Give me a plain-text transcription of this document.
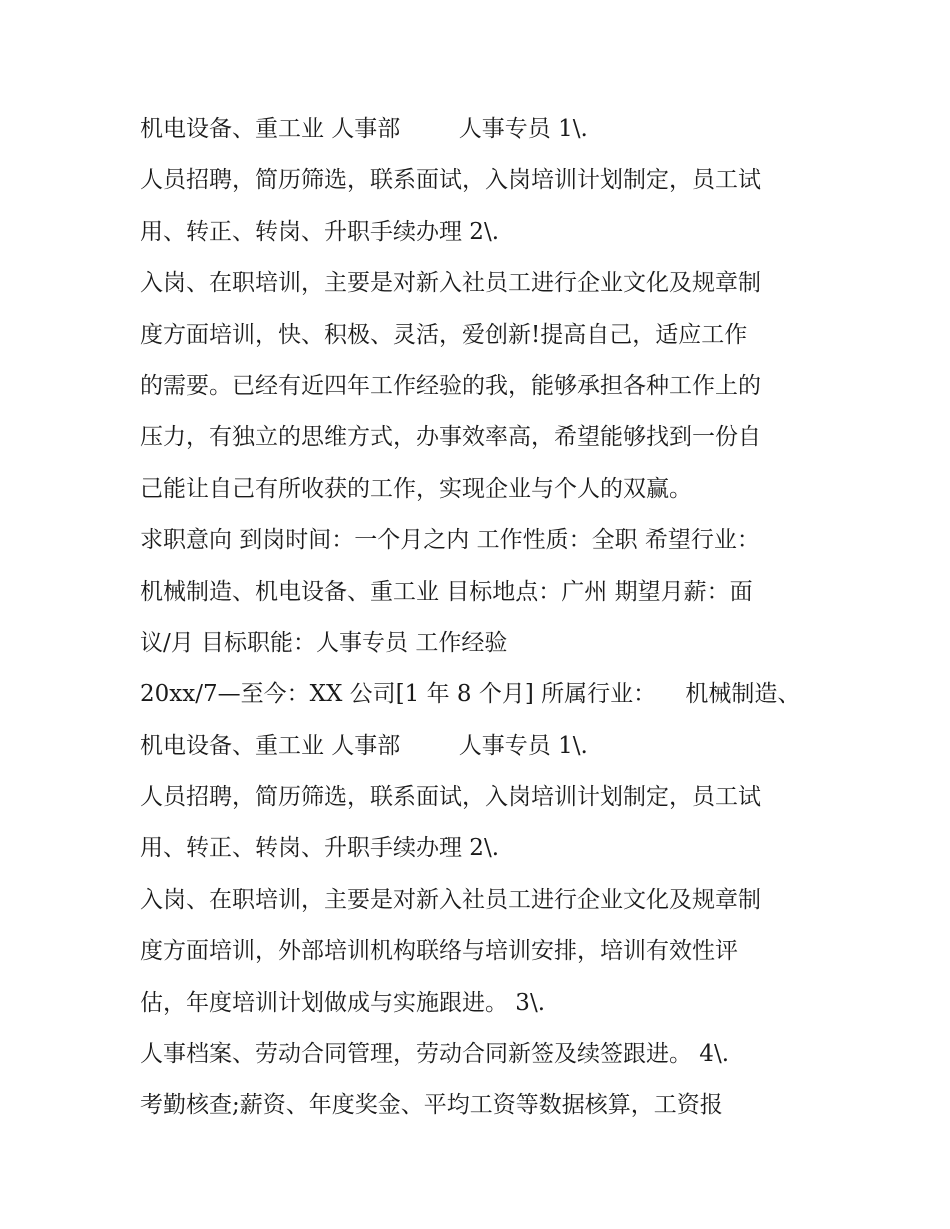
机电设备、重工业 人事部        人事专员 1\.
人员招聘，简历筛选，联系面试，入岗培训计划制定，员工试
用、转正、转岗、升职手续办理 2\.
入岗、在职培训，主要是对新入社员工进行企业文化及规章制
度方面培训，快、积极、灵活，爱创新!提高自己，适应工作
的需要。已经有近四年工作经验的我，能够承担各种工作上的
压力，有独立的思维方式，办事效率高，希望能够找到一份自
己能让自己有所收获的工作，实现企业与个人的双赢。
求职意向 到岗时间：一个月之内 工作性质：全职 希望行业：
机械制造、机电设备、重工业 目标地点：广州 期望月薪：面
议/月 目标职能：人事专员 工作经验
20xx/7—至今：XX 公司[1 年 8 个月] 所属行业：    机械制造、
机电设备、重工业 人事部        人事专员 1\.
人员招聘，简历筛选，联系面试，入岗培训计划制定，员工试
用、转正、转岗、升职手续办理 2\.
入岗、在职培训，主要是对新入社员工进行企业文化及规章制
度方面培训，外部培训机构联络与培训安排，培训有效性评
估，年度培训计划做成与实施跟进。 3\.
人事档案、劳动合同管理，劳动合同新签及续签跟进。 4\.
考勤核查;薪资、年度奖金、平均工资等数据核算，工资报
